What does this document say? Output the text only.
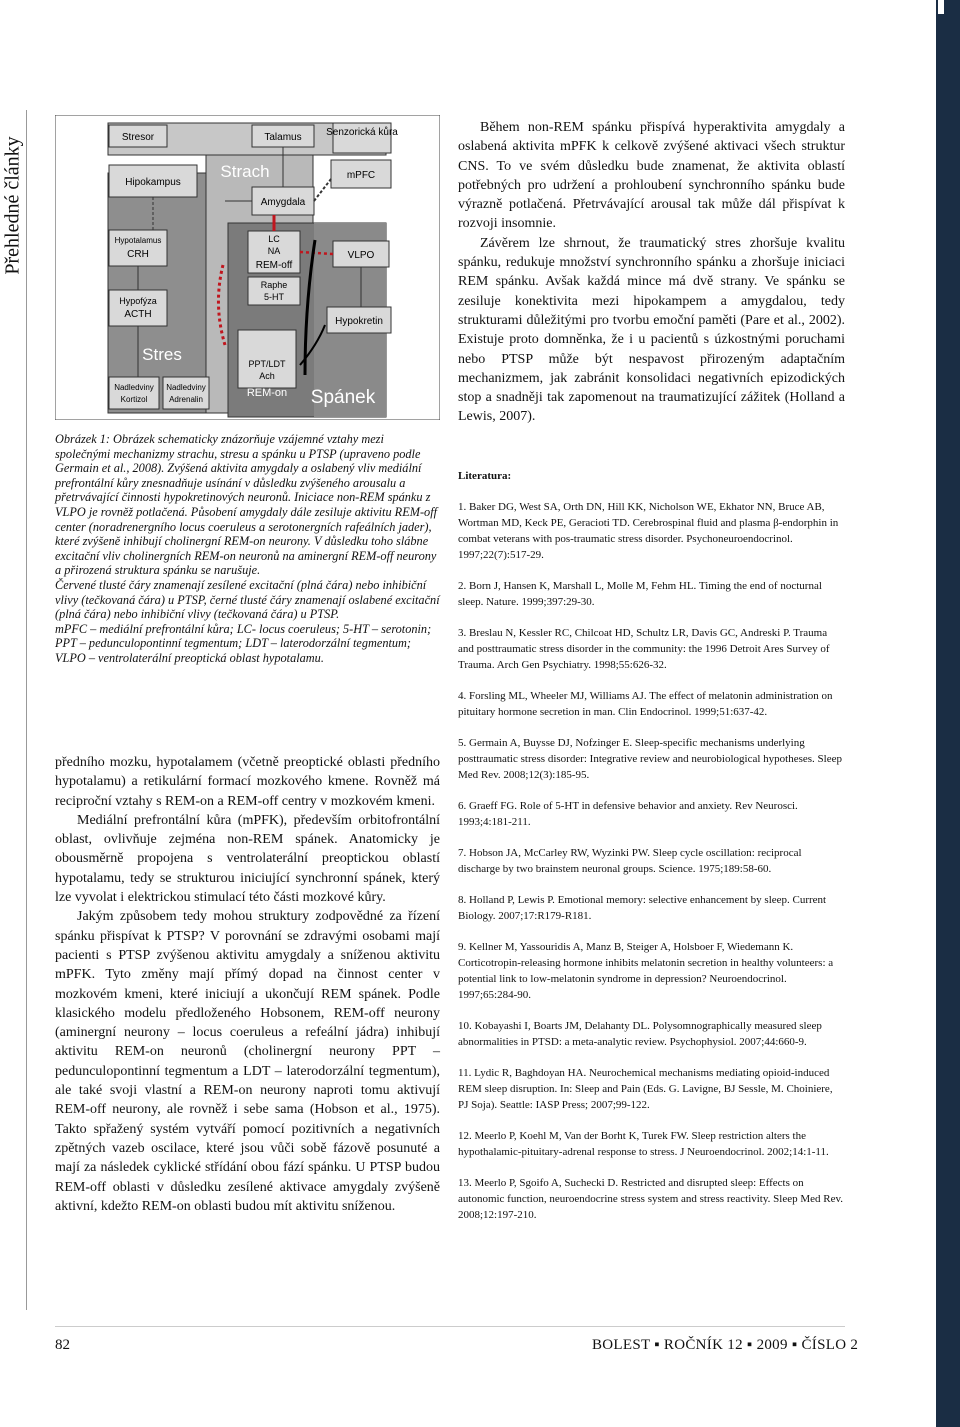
Přehledné články	Stresor	Talamus Senzorická kůra
Hipokampus
Strach	mPFC
Amygdala
Hypotalamus
CRH
LC
NA
REM-off
VLPO
Raphe
5-HT
Hypofýza
ACTH
Hypokretin
Stres	PPT/LDT
Ach
REM-on
Nadledviny
Kortizol
Nadledviny
Adrenalin	Spánek

Obrázek 1: Obrázek schematicky znázorňuje vzájemné vztahy mezi společnými mechanizmy strachu, stresu a spánku u PTSP (upraveno podle Germain et al., 2008). Zvýšená aktivita amygdaly a oslabený vliv mediální prefrontální kůry znesnadňuje usínání v důsledku zvýšeného arousalu a přetrvávající činnosti hypokretinových neuronů. Iniciace non-REM spánku z VLPO je rovněž potlačená. Působení amygdaly dále zesiluje aktivitu REM-off center (noradrenergního locus coeruleus a serotonergních rafeálních jader), které zvýšeně inhibují cholinergní REM-on neurony. V důsledku toho slábne excitační vliv cholinergních REM-on neuronů na aminergní REM-off neurony a přirozená struktura spánku se narušuje.

Červené tlusté čáry znamenají zesílené excitační (plná čára) nebo inhibiční vlivy (tečkovaná čára) u PTSP, černé tlusté čáry znamenají oslabené excitační (plná čára) nebo inhibiční vlivy (tečkovaná čára) u PTSP.

mPFC – mediální prefrontální kůra; LC- locus coeruleus; 5-HT – serotonin; PPT – pedunculopontinní tegmentum; LDT – laterodorzální tegmentum; VLPO – ventrolaterální preoptická oblast hypotalamu.

předního mozku, hypotalamem (včetně preoptické oblasti předního hypotalamu) a retikulární formací mozkového kmene. Rovněž má reciproční vztahy s REM-on a REM-off centry v mozkovém kmeni.

Mediální prefrontální kůra (mPFK), především orbitofrontální oblast, ovlivňuje zejména non-REM spánek. Anatomicky je obousměrně propojena s ventrolaterální preoptickou oblastí hypotalamu, tedy se strukturou iniciující synchronní spánek, který lze vyvolat i elektrickou stimulací této části mozkové kůry.

Jakým způsobem tedy mohou struktury zodpovědné za řízení spánku přispívat k PTSP? V porovnání se zdravými osobami mají pacienti s PTSP zvýšenou aktivitu amygdaly a sníženou aktivitu mPFK. Tyto změny mají přímý dopad na činnost center v mozkovém kmeni, které iniciují a ukončují REM spánek. Podle klasického modelu předloženého Hobsonem, REM-off neurony (aminergní neurony – locus coeruleus a refeální jádra) inhibují aktivitu REM-on neuronů (cholinergní neurony PPT – pedunculopontinní tegmentum a LDT – laterodorzální tegmentum), ale také svoji vlastní a REM-on neurony naproti tomu aktivují REM-off neurony, ale rovněž i sebe sama (Hobson et al., 1975). Takto spřažený systém vytváří pomocí pozitivních a negativních zpětných vazeb oscilace, které jsou vůči sobě fázově posunuté a mají za následek cyklické střídání obou fází spánku. U PTSP budou REM-off oblasti v důsledku zesílené aktivace amygdaly zvýšeně aktivní, kdežto REM-on oblasti budou mít aktivitu sníženou.

Během non-REM spánku přispívá hyperaktivita amygdaly a oslabená aktivita mPFK k celkově zvýšené aktivaci všech struktur CNS. To ve svém důsledku bude znamenat, že aktivita oblastí potřebných pro udržení a prohloubení synchronního spánku bude výrazně potlačená. Přetrvávající arousal tak může dál přispívat k rozvoji insomnie.

Závěrem lze shrnout, že traumatický stres zhoršuje kvalitu spánku, redukuje množství synchronního spánku a zhoršuje iniciaci REM spánku. Avšak každá mince má dvě strany. Ve spánku se zesiluje konektivita mezi hipokampem a amygdalou, tedy strukturami důležitými pro tvorbu emoční paměti (Pare et al., 2002). Existuje proto domněnka, že i u pacientů s úzkostnými poruchami nebo PTSP může být nespavost přirozeným adaptačním mechanizmem, jak zabránit konsolidaci negativních epizodických stop a snadněji tak zapomenout na traumatizující zážitek (Holland a Lewis, 2007).

Literatura:
1. Baker DG, West SA, Orth DN, Hill KK, Nicholson WE, Ekhator NN, Bruce AB, Wortman MD, Keck PE, Geracioti TD. Cerebrospinal fluid and plasma β-endorphin in combat veterans with pos-traumatic stress disorder. Psychoneuroendocrinol. 1997;22(7):517-29.
2. Born J, Hansen K, Marshall L, Molle M, Fehm HL. Timing the end of nocturnal sleep. Nature. 1999;397:29-30.
3. Breslau N, Kessler RC, Chilcoat HD, Schultz LR, Davis GC, Andreski P. Trauma and posttraumatic stress disorder in the community: the 1996 Detroit Ares Survey of Trauma. Arch Gen Psychiatry. 1998;55:626-32.
4. Forsling ML, Wheeler MJ, Williams AJ. The effect of melatonin administration on pituitary hormone secretion in man. Clin Endocrinol. 1999;51:637-42.
5. Germain A, Buysse DJ, Nofzinger E. Sleep-specific mechanisms underlying posttraumatic stress disorder: Integrative review and neurobiological hypotheses. Sleep Med Rev. 2008;12(3):185-95.
6. Graeff FG. Role of 5-HT in defensive behavior and anxiety. Rev Neurosci. 1993;4:181-211.
7. Hobson JA, McCarley RW, Wyzinki PW. Sleep cycle oscillation: reciprocal discharge by two brainstem neuronal groups. Science. 1975;189:58-60.
8. Holland P, Lewis P. Emotional memory: selective enhancement by sleep. Current Biology. 2007;17:R179-R181.
9. Kellner M, Yassouridis A, Manz B, Steiger A, Holsboer F, Wiedemann K. Corticotropin-releasing hormone inhibits melatonin secretion in healthy volunteers: a potential link to low-melatonin syndrome in depression? Neuroendocrinol. 1997;65:284-90.
10. Kobayashi I, Boarts JM, Delahanty DL. Polysomnographically measured sleep abnormalities in PTSD: a meta-analytic review. Psychophysiol. 2007;44:660-9.
11. Lydic R, Baghdoyan HA. Neurochemical mechanisms mediating opioid-induced REM sleep disruption. In: Sleep and Pain (Eds. G. Lavigne, BJ Sessle, M. Choiniere, PJ Soja). Seattle: IASP Press; 2007;99-122.
12. Meerlo P, Koehl M, Van der Borht K, Turek FW. Sleep restriction alters the hypothalamic-pituitary-adrenal response to stress. J Neuroendocrinol. 2002;14:1-11.
13. Meerlo P, Sgoifo A, Suchecki D. Restricted and disrupted sleep: Effects on autonomic function, neuroendocrine stress system and stress reactivity. Sleep Med Rev. 2008;12:197-210.
82	BOLEST ▪ ROČNÍK 12 ▪ 2009 ▪ ČÍSLO 2
